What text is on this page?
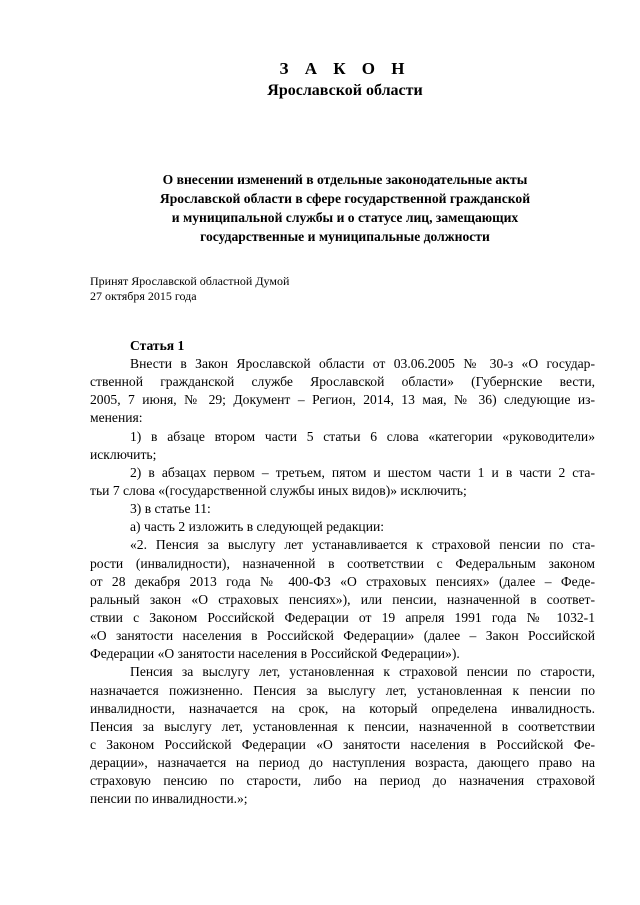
З А К О Н
Ярославской области
О внесении изменений в отдельные законодательные акты
Ярославской области в сфере государственной гражданской
и муниципальной службы и о статусе лиц, замещающих
государственные и муниципальные должности
Принят Ярославской областной Думой
27 октября 2015 года
Статья 1
Внести в Закон Ярославской области от 03.06.2005 № 30-з «О государ-
ственной гражданской службе Ярославской области» (Губернские вести,
2005, 7 июня, № 29; Документ – Регион, 2014, 13 мая, № 36) следующие из-
менения:
1) в абзаце втором части 5 статьи 6 слова «категории «руководители»
исключить;
2) в абзацах первом – третьем, пятом и шестом части 1 и в части 2 ста-
тьи 7 слова «(государственной службы иных видов)» исключить;
3) в статье 11:
а) часть 2 изложить в следующей редакции:
«2. Пенсия за выслугу лет устанавливается к страховой пенсии по ста-
рости (инвалидности), назначенной в соответствии с Федеральным законом
от 28 декабря 2013 года № 400-ФЗ «О страховых пенсиях» (далее – Феде-
ральный закон «О страховых пенсиях»), или пенсии, назначенной в соответ-
ствии с Законом Российской Федерации от 19 апреля 1991 года № 1032-1
«О занятости населения в Российской Федерации» (далее – Закон Российской
Федерации «О занятости населения в Российской Федерации»).
Пенсия за выслугу лет, установленная к страховой пенсии по старости,
назначается пожизненно. Пенсия за выслугу лет, установленная к пенсии по
инвалидности, назначается на срок, на который определена инвалидность.
Пенсия за выслугу лет, установленная к пенсии, назначенной в соответствии
с Законом Российской Федерации «О занятости населения в Российской Фе-
дерации», назначается на период до наступления возраста, дающего право на
страховую пенсию по старости, либо на период до назначения страховой
пенсии по инвалидности.»;
